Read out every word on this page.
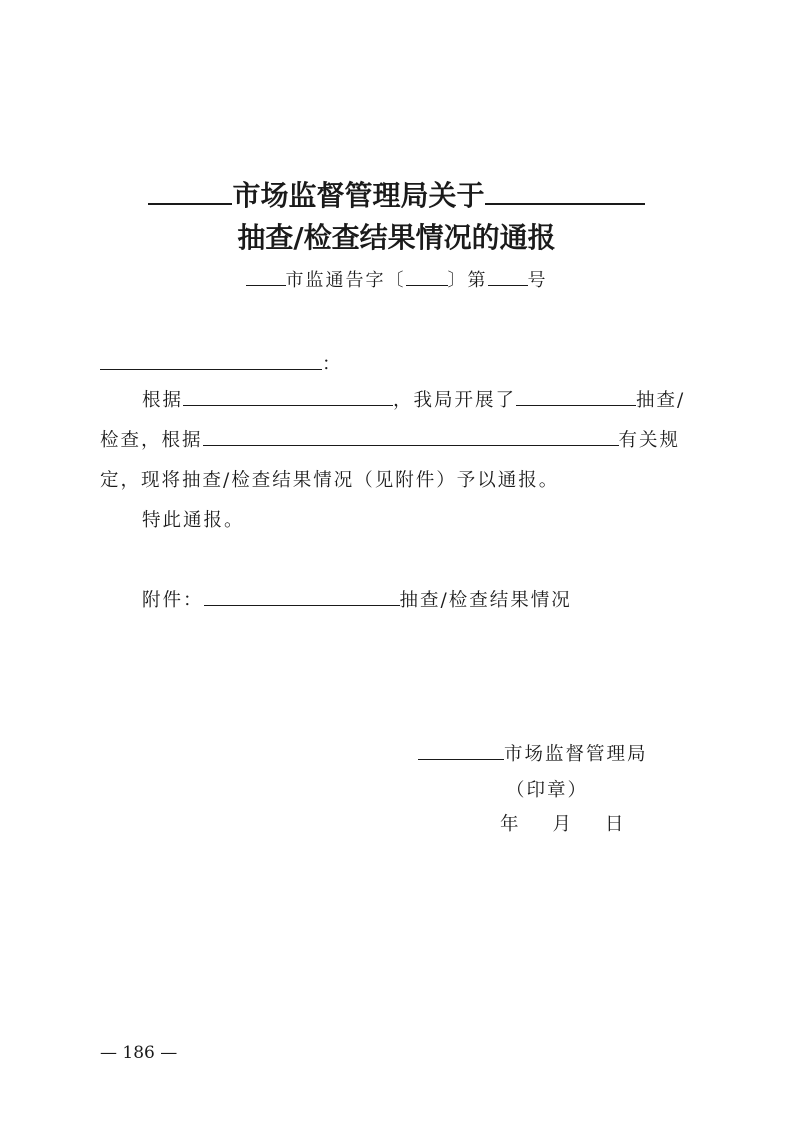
市场监督管理局关于
抽查/检查结果情况的通报
市监通告字〔 〕第 号
：
根据	，我局开展了	抽查/
检查，根据	有关规
定，现将抽查/检查结果情况（见附件）予以通报。
特此通报。
附件：	抽查/检查结果情况
市场监督管理局
（印章）
年 月 日
— 186 —
